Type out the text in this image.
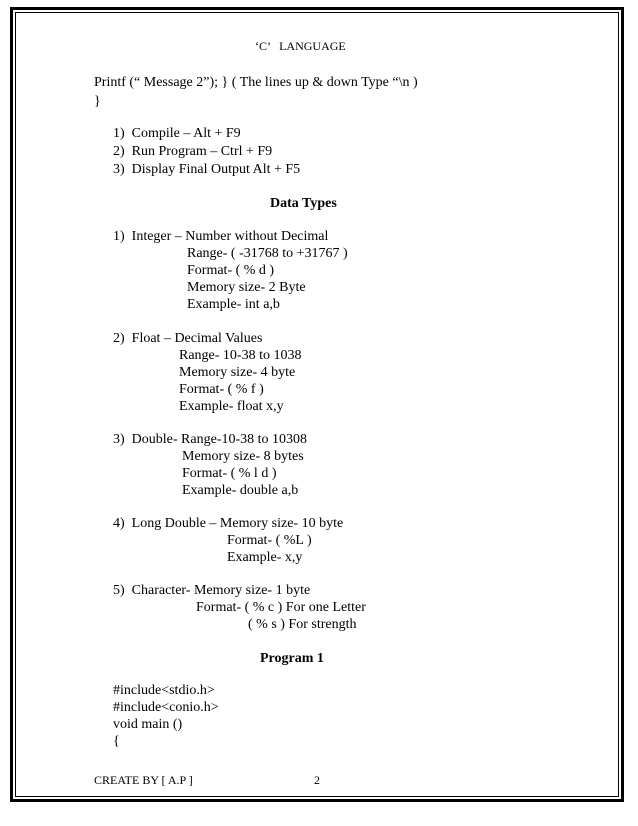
‘C’   LANGUAGE
Printf (“ Message 2”); } ( The lines up & down Type “\n )
}
1)  Compile – Alt + F9
2)  Run Program – Ctrl + F9
3)  Display Final Output Alt + F5
Data Types
1)  Integer – Number without Decimal
Range- ( -31768 to +31767 )
Format- ( % d )
Memory size- 2 Byte
Example- int a,b
2)  Float – Decimal Values
Range- 10-38 to 1038
Memory size- 4 byte
Format- ( % f )
Example- float x,y
3)  Double- Range-10-38 to 10308
Memory size- 8 bytes
Format- ( % l d )
Example- double a,b
4)  Long Double – Memory size- 10 byte
Format- ( %L )
Example- x,y
5)  Character- Memory size- 1 byte
Format- ( % c ) For one Letter
( % s ) For strength
Program 1
#include<stdio.h>
#include<conio.h>
void main ()
{
CREATE BY [ A.P ]	2
